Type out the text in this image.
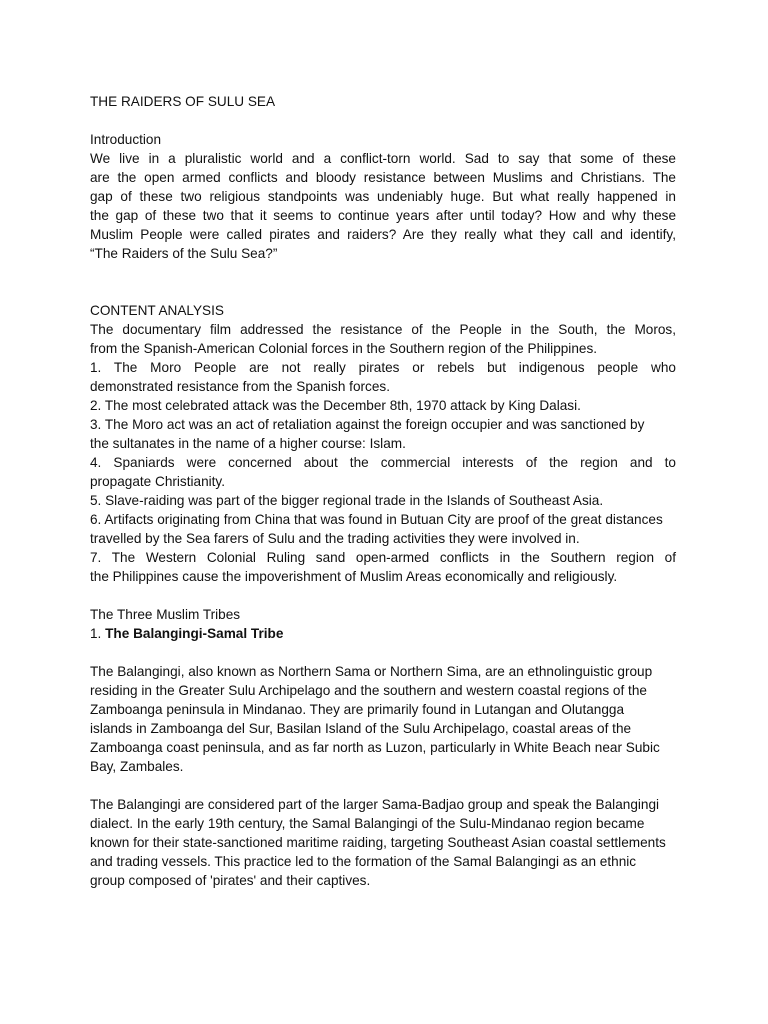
THE RAIDERS OF SULU SEA
Introduction
We live in a pluralistic world and a conflict-torn world. Sad to say that some of these
are the open armed conflicts and bloody resistance between Muslims and Christians. The
gap of these two religious standpoints was undeniably huge. But what really happened in
the gap of these two that it seems to continue years after until today? How and why these
Muslim People were called pirates and raiders? Are they really what they call and identify,
“The Raiders of the Sulu Sea?”
CONTENT ANALYSIS
The documentary film addressed the resistance of the People in the South, the Moros,
from the Spanish-American Colonial forces in the Southern region of the Philippines.
1. The Moro People are not really pirates or rebels but indigenous people who
demonstrated resistance from the Spanish forces.
2. The most celebrated attack was the December 8th, 1970 attack by King Dalasi.
3. The Moro act was an act of retaliation against the foreign occupier and was sanctioned by
the sultanates in the name of a higher course: Islam.
4. Spaniards were concerned about the commercial interests of the region and to
propagate Christianity.
5. Slave-raiding was part of the bigger regional trade in the Islands of Southeast Asia.
6. Artifacts originating from China that was found in Butuan City are proof of the great distances
travelled by the Sea farers of Sulu and the trading activities they were involved in.
7. The Western Colonial Ruling sand open-armed conflicts in the Southern region of
the Philippines cause the impoverishment of Muslim Areas economically and religiously.
The Three Muslim Tribes
1. The Balangingi-Samal Tribe
The Balangingi, also known as Northern Sama or Northern Sima, are an ethnolinguistic group
residing in the Greater Sulu Archipelago and the southern and western coastal regions of the
Zamboanga peninsula in Mindanao. They are primarily found in Lutangan and Olutangga
islands in Zamboanga del Sur, Basilan Island of the Sulu Archipelago, coastal areas of the
Zamboanga coast peninsula, and as far north as Luzon, particularly in White Beach near Subic
Bay, Zambales.
The Balangingi are considered part of the larger Sama-Badjao group and speak the Balangingi
dialect. In the early 19th century, the Samal Balangingi of the Sulu-Mindanao region became
known for their state-sanctioned maritime raiding, targeting Southeast Asian coastal settlements
and trading vessels. This practice led to the formation of the Samal Balangingi as an ethnic
group composed of 'pirates' and their captives.
